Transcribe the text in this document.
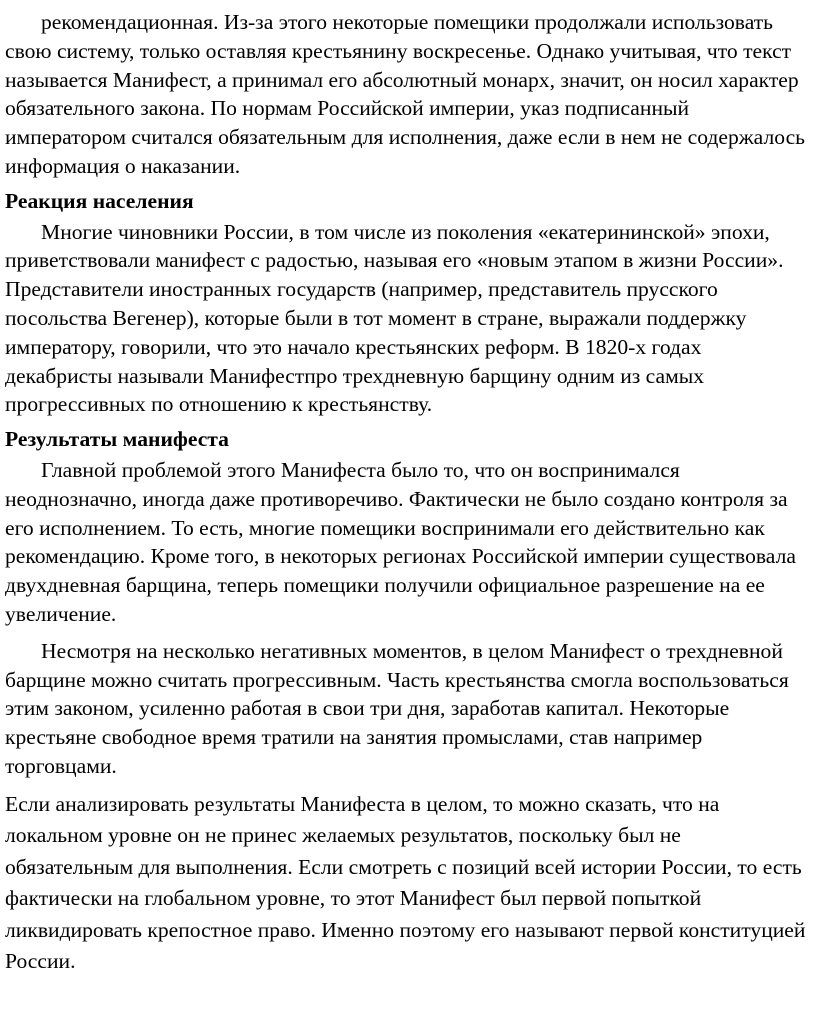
рекомендационная. Из-за этого некоторые помещики продолжали использовать свою систему, только оставляя крестьянину воскресенье. Однако учитывая, что текст называется Манифест, а принимал его абсолютный монарх, значит, он носил характер обязательного закона. По нормам Российской империи, указ подписанный императором считался обязательным для исполнения, даже если в нем не содержалось информация о наказании.

Реакция населения

Многие чиновники России, в том числе из поколения «екатерининской» эпохи, приветствовали манифест с радостью, называя его «новым этапом в жизни России». Представители иностранных государств (например, представитель прусского посольства Вегенер), которые были в тот момент в стране, выражали поддержку императору, говорили, что это начало крестьянских реформ. В 1820-х годах декабристы называли Манифестпро трехдневную барщину одним из самых прогрессивных по отношению к крестьянству.

Результаты манифеста

Главной проблемой этого Манифеста было то, что он воспринимался неоднозначно, иногда даже противоречиво. Фактически не было создано контроля за его исполнением. То есть, многие помещики воспринимали его действительно как рекомендацию. Кроме того, в некоторых регионах Российской империи существовала двухдневная барщина, теперь помещики получили официальное разрешение на ее увеличение.

Несмотря на несколько негативных моментов, в целом Манифест о трехдневной барщине можно считать прогрессивным. Часть крестьянства смогла воспользоваться этим законом, усиленно работая в свои три дня, заработав капитал. Некоторые крестьяне свободное время тратили на занятия промыслами, став например торговцами.

Если анализировать результаты Манифеста в целом, то можно сказать, что на локальном уровне он не принес желаемых результатов, поскольку был не обязательным для выполнения. Если смотреть с позиций всей истории России, то есть фактически на глобальном уровне, то этот Манифест был первой попыткой ликвидировать крепостное право. Именно поэтому его называют первой конституцией России.
